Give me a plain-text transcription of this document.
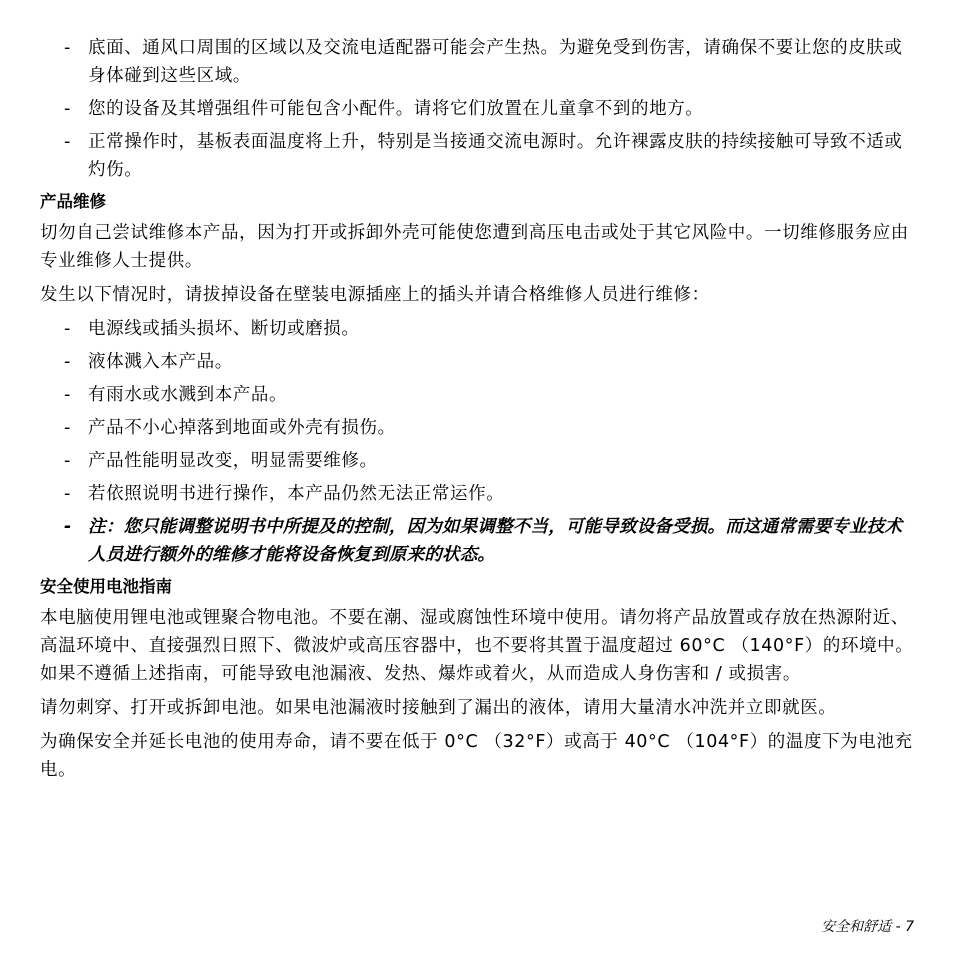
- 底面、通风口周围的区域以及交流电适配器可能会产生热。为避免受到伤害，请确保不要让您的皮肤或身体碰到这些区域。
- 您的设备及其增强组件可能包含小配件。请将它们放置在儿童拿不到的地方。
- 正常操作时，基板表面温度将上升，特别是当接通交流电源时。允许裸露皮肤的持续接触可导致不适或灼伤。
产品维修

切勿自己尝试维修本产品，因为打开或拆卸外壳可能使您遭到高压电击或处于其它风险中。一切维修服务应由专业维修人士提供。

发生以下情况时，请拔掉设备在壁装电源插座上的插头并请合格维修人员进行维修：

- 电源线或插头损坏、断切或磨损。
- 液体溅入本产品。
- 有雨水或水溅到本产品。
- 产品不小心掉落到地面或外壳有损伤。
- 产品性能明显改变，明显需要维修。
- 若依照说明书进行操作，本产品仍然无法正常运作。
- 注：您只能调整说明书中所提及的控制，因为如果调整不当，可能导致设备受损。而这通常需要专业技术人员进行额外的维修才能将设备恢复到原来的状态。
安全使用电池指南

本电脑使用锂电池或锂聚合物电池。不要在潮、湿或腐蚀性环境中使用。请勿将产品放置或存放在热源附近、高温环境中、直接强烈日照下、微波炉或高压容器中，也不要将其置于温度超过 60°C （140°F）的环境中。如果不遵循上述指南，可能导致电池漏液、发热、爆炸或着火，从而造成人身伤害和 / 或损害。

请勿刺穿、打开或拆卸电池。如果电池漏液时接触到了漏出的液体，请用大量清水冲洗并立即就医。

为确保安全并延长电池的使用寿命，请不要在低于 0°C （32°F）或高于 40°C （104°F）的温度下为电池充电。

安全和舒适 - 7
